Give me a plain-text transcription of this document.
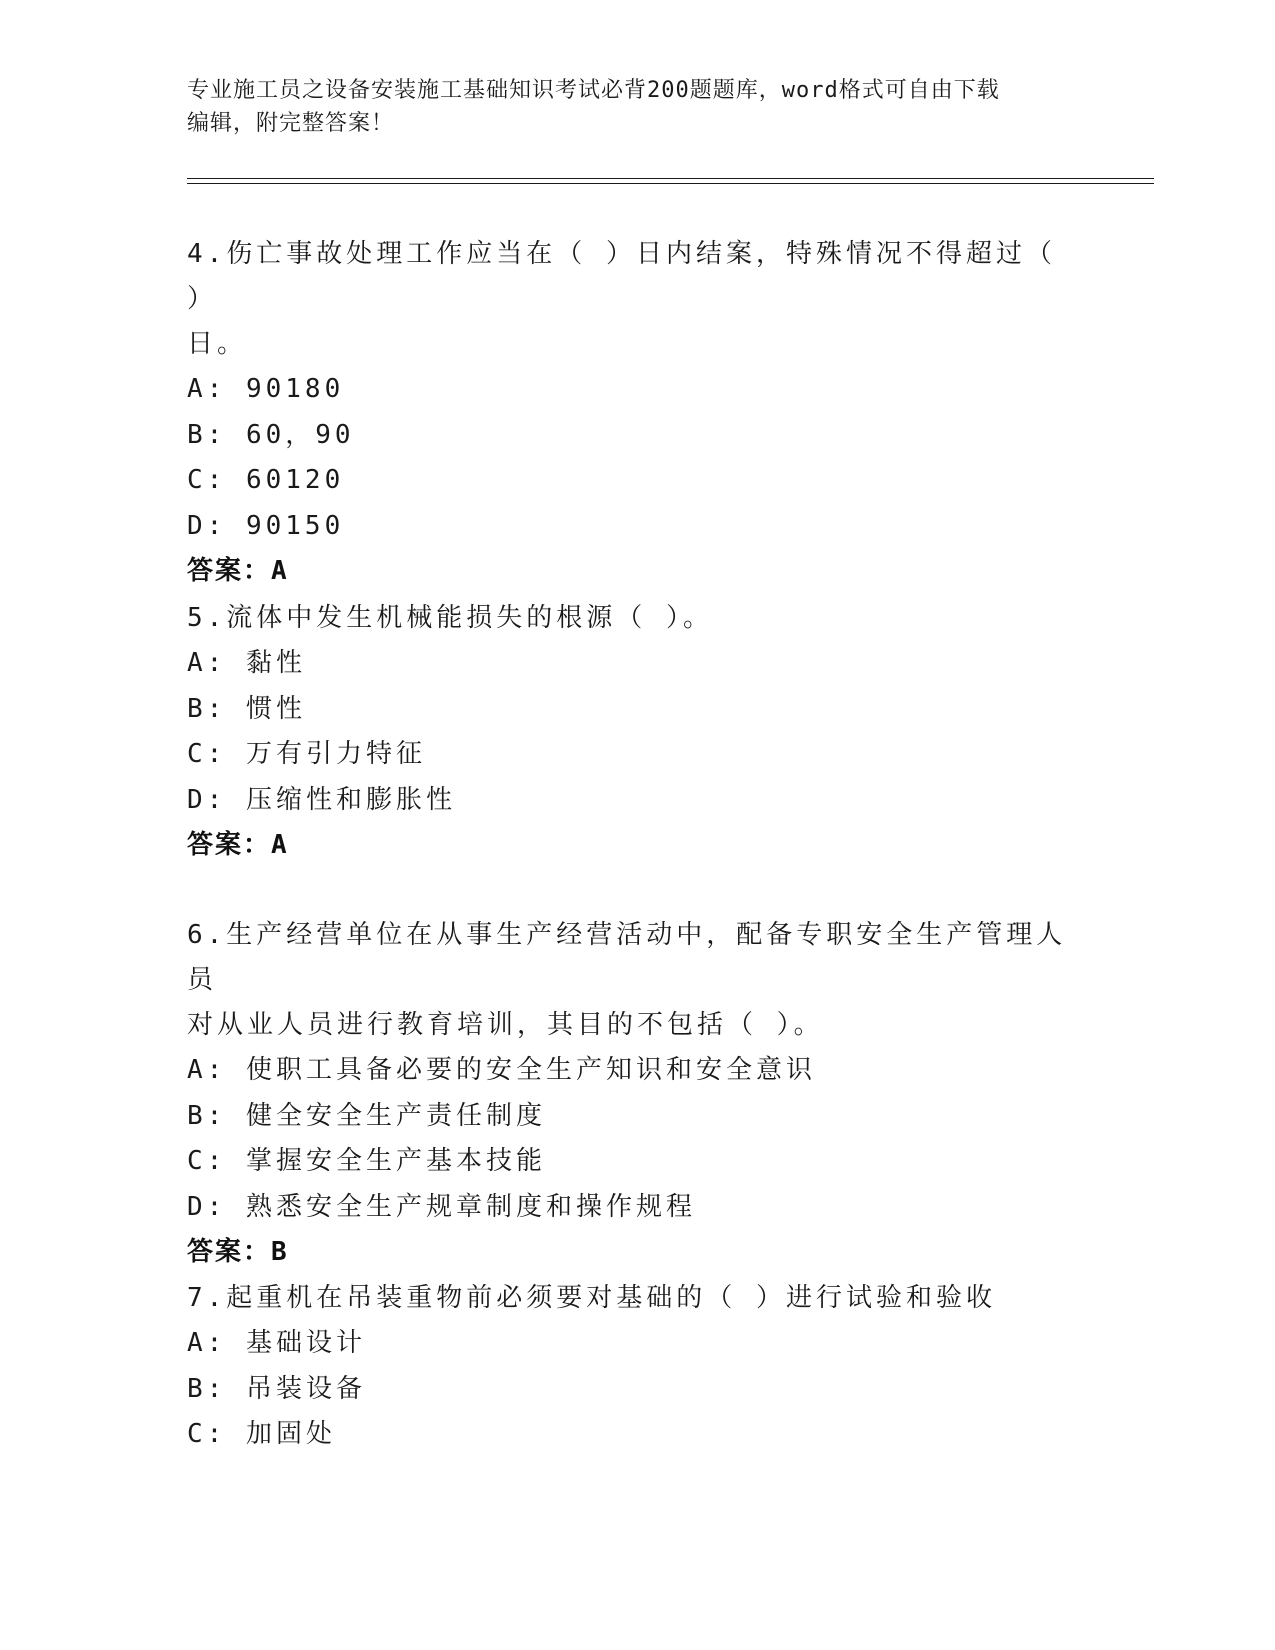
专业施工员之设备安装施工基础知识考试必背200题题库，word格式可自由下载
编辑，附完整答案！
4.伤亡事故处理工作应当在（ ）日内结案，特殊情况不得超过（ ）
日。
A: 90180
B: 60，90
C: 60120
D: 90150
答案：A
5.流体中发生机械能损失的根源（ ）。
A: 黏性
B: 惯性
C: 万有引力特征
D: 压缩性和膨胀性
答案：A
6.生产经营单位在从事生产经营活动中，配备专职安全生产管理人员
对从业人员进行教育培训，其目的不包括（ ）。
A: 使职工具备必要的安全生产知识和安全意识
B: 健全安全生产责任制度
C: 掌握安全生产基本技能
D: 熟悉安全生产规章制度和操作规程
答案：B
7.起重机在吊装重物前必须要对基础的（ ）进行试验和验收
A: 基础设计
B: 吊装设备
C: 加固处
